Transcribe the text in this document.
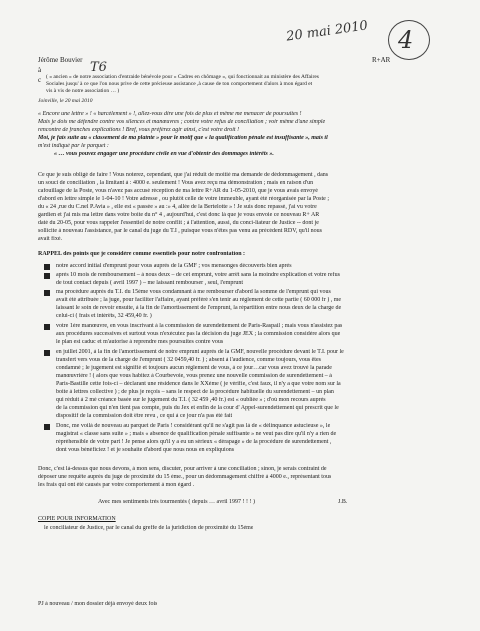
20 mai 2010 4
Jérôme Bouvier
à	T6
c
R+AR
( « ancien » de notre association d'entraide bénévole pour « Cadres en chômage », qui fonctionnait au ministère des Affaires
Sociales jusqu' à ce que l'on nous prive de cette précieuse assistance ,à cause de ton comportement d'alors à mon égard et
vis à vis de notre association … )
Joinville, le 20 mai 2010
« Encore une lettre » ! « harcèlement » !, allez-vous dire une fois de plus et même me menacer de poursuites !
Mais je dois me défendre contre vos silences et manœuvres ; contre votre refus de conciliation ; voir même d'une simple
rencontre de franches explications ! Bref, vous préférez agir ainsi, c'est votre droit !
Moi, je fais suite au « classement de ma plainte » pour le motif que « la qualification pénale est insuffisante », mais il
m'est indiqué par le parquet :
« … vous pouvez engager une procédure civile en vue d'obtenir des dommages intérêts ».
Ce que je suis obligé de faire ! Vous noterez, cependant, que j'ai réduit de moitié ma demande de dédommagement , dans
un souci de conciliation , la limitant à : 4000 e. seulement ! Vous avez reçu ma démonstration ; mais en raison d'un
cafouillage de la Poste, vous n'avez pas accusé réception de ma lettre R+AR du 1-05-2010, que je vous avais envoyé
d'abord en lettre simple le 1-04-10 ! Votre adresse , ou plutôt celle de votre immeuble, ayant été réorganisée par la Poste ;
du « 24 ,rue du C.nel P.Avia » , elle est « passée » au :» 4, allée de la Bertelotte » ! Je suis donc repassé, j'ai vu votre
gardien et j'ai mis ma lettre dans votre boite du n° 4 , aujourd'hui, c'est donc là que je vous envoie ce nouveau R+ AR
daté du 20-05, pour vous rappeler l'essentiel de notre conflit ; à l'attention, aussi, du conci-liateur de Justice -- dont je
sollicite à nouveau l'assistance, par le canal du juge du T.I , puisque vous n'êtes pas venu au précédent RDV, qu'il nous
avait fixé.
RAPPEL des points que je considère comme essentiels pour notre confrontation :
notre accord initial d'emprunt pour vous auprès de la GMF ; vos mensonges découverts bien après
après 10 mois de remboursement – à nous deux – de cet emprunt, votre arrêt sans la moindre explication et votre refus
de tout contact depuis ( avril 1997 ) – me laissant rembourser , seul, l'emprunt
ma procédure auprès du T.I. du 15ème vous condamnant à me rembourser d'abord la somme de l'emprunt qui vous
avait été attribuée ; la juge, pour faciliter l'affaire, ayant préféré s'en tenir au règlement de cette partie ( 60 000 fr ) , me
laissant le soin de revoir ensuite, à la fin de l'amortissement de l'emprunt, la répartition entre nous deux de la charge de
celui-ci ( frais et intérêts, 32 459,40 fr. )
votre 1ère manœuvre, en vous inscrivant à la commission de surendettement de Paris-Raspail ; mais vous n'assistez pas
aux procédures successives et surtout vous n'exécutez pas la décision du juge JEX ; la commission considère alors que
le plan est caduc et m'autorise à reprendre mes poursuites contre vous
en juillet 2001, à la fin de l'amortissement de notre emprunt auprès de la GMF, nouvelle procédure devant le T.I. pour le
transfert vers vous de la charge de l'emprunt ( 32 0459,40 fr. ) ; absent à l'audience, comme toujours, vous êtes
condamné ; le jugement est signifié et toujours aucun règlement de vous, à ce jour…car vous avez trouvé la parade
manœuvrière ! ( alors que vous habitez à Courbevoie, vous prenez une nouvelle commission de surendettement – à
Paris-Bastille cette fois-ci – déclarant une résidence dans le XXème ( je vérifie, c'est faux, il n'y a que votre nom sur la
boite à lettres collective ) ; de plus je reçois – sans le respect de la procédure habituelle du surendettement – un plan
qui réduit à 2 mé créance basée sur le jugement du T.I. ( 32 459 ,40 fr.) est « oubliée » ; d'où mon recours auprès
de la commission qui n'en tient pas compte, puis du Jex et enfin de la cour d' Appel-surendettement qui prescrit que le
dispositif de la commission doit être revu , ce qui à ce jour n'a pas été fait
Donc, me voilà de nouveau au parquet de Paris ! considérant qu'il ne s'agit pas là de « délinquance astucieuse », le
magistrat « classe sans suite » ; mais « absence de qualification pénale suffisante » ne veut pas dire qu'il n'y a rien de
répréhensible de votre part ! Je pense alors qu'il y a eu un sérieux « dérapage » de la procédure de surendettement ,
dont vous bénéficiez ! et je souhaite d'abord que nous nous en expliquions
Donc, c'est là-dessus que nous devons, à mon sens, discuter, pour arriver à une conciliation ; sinon, je serais contraint de
déposer une requête auprès du juge de proximité du 15 ème., pour un dédommagement chiffré à 4000 e., représentant tous
les frais qui ont été causés par votre comportement à mon égard .
Avec mes sentiments très tourmentés ( depuis … avril 1997 ! ! ! )	J.B.
COPIE POUR INFORMATION
le conciliateur de Justice, par le canal du greffe de la juridiction de proximité du 15ème
PJ à nouveau / mon dossier déjà envoyé deux fois
